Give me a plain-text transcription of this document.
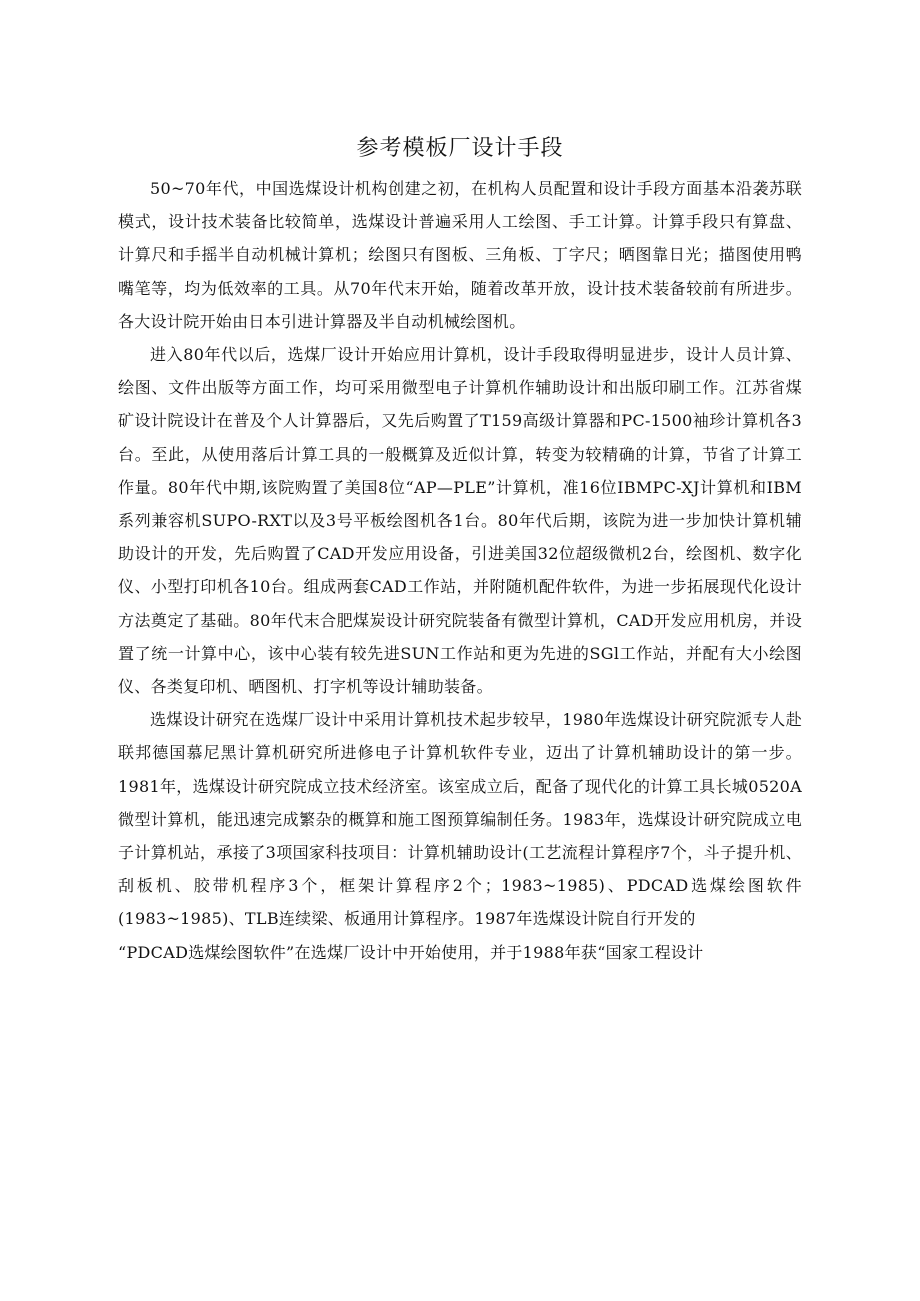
参考模板厂设计手段

50~70年代，中国选煤设计机构创建之初，在机构人员配置和设计手段方面基本沿袭苏联模式，设计技术装备比较简单，选煤设计普遍采用人工绘图、手工计算。计算手段只有算盘、计算尺和手摇半自动机械计算机；绘图只有图板、三角板、丁字尺；晒图靠日光；描图使用鸭嘴笔等，均为低效率的工具。从70年代末开始，随着改革开放，设计技术装备较前有所进步。各大设计院开始由日本引进计算器及半自动机械绘图机。

进入80年代以后，选煤厂设计开始应用计算机，设计手段取得明显进步，设计人员计算、绘图、文件出版等方面工作，均可采用微型电子计算机作辅助设计和出版印刷工作。江苏省煤矿设计院设计在普及个人计算器后，又先后购置了T159高级计算器和PC-1500袖珍计算机各3台。至此，从使用落后计算工具的一般概算及近似计算，转变为较精确的计算，节省了计算工作量。80年代中期,该院购置了美国8位“AP—PLE”计算机，准16位IBMPC-XJ计算机和IBM系列兼容机SUPO-RXT以及3号平板绘图机各1台。80年代后期，该院为进一步加快计算机辅助设计的开发，先后购置了CAD开发应用设备，引进美国32位超级微机2台，绘图机、数字化仪、小型打印机各10台。组成两套CAD工作站，并附随机配件软件，为进一步拓展现代化设计方法奠定了基础。80年代末合肥煤炭设计研究院装备有微型计算机，CAD开发应用机房，并设置了统一计算中心，该中心装有较先进SUN工作站和更为先进的SGl工作站，并配有大小绘图仪、各类复印机、晒图机、打字机等设计辅助装备。

选煤设计研究在选煤厂设计中采用计算机技术起步较早，1980年选煤设计研究院派专人赴联邦德国慕尼黑计算机研究所进修电子计算机软件专业，迈出了计算机辅助设计的第一步。1981年，选煤设计研究院成立技术经济室。该室成立后，配备了现代化的计算工具长城0520A微型计算机，能迅速完成繁杂的概算和施工图预算编制任务。1983年，选煤设计研究院成立电子计算机站，承接了3项国家科技项目：计算机辅助设计(工艺流程计算程序7个，斗子提升机、刮板机、胶带机程序3个，框架计算程序2个；1983~1985)、PDCAD选煤绘图软件(1983~1985)、TLB连续梁、板通用计算程序。1987年选煤设计院自行开发的

“PDCAD选煤绘图软件”在选煤厂设计中开始使用，并于1988年获“国家工程设计
